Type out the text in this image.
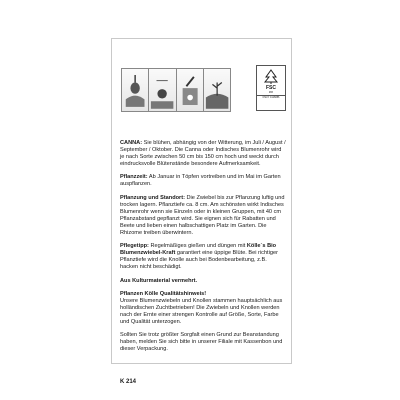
FSC
MIX
FSC® C116886

CANNA: Sie blühen, abhängig von der Witterung, im Juli / August / September / Oktober. Die Canna oder Indisches Blumenrohr wird je nach Sorte zwischen 50 cm bis 150 cm hoch und weckt durch eindrucksvolle Blütenstände besondere Aufmerksamkeit.

Pflanzzeit: Ab Januar in Töpfen vortreiben und im Mai im Garten auspflanzen.

Pflanzung und Standort: Die Zwiebel bis zur Pflanzung luftig und trocken lagern. Pflanztiefe ca. 8 cm. Am schönsten wirkt Indisches Blumenrohr wenn sie Einzeln oder in kleinen Gruppen, mit 40 cm Pflanzabstand gepflanzt wird. Sie eignen sich für Rabatten und Beete und lieben einen halbschattigen Platz im Garten. Die Rhizome treiben überwintern.

Pflegetipp: Regelmäßiges gießen und düngen mit Kölle´s Bio Blumenzwiebel-Kraft garantiert eine üppige Blüte. Bei richtiger Pflanztiefe wird die Knolle auch bei Bodenbearbeitung, z.B. hacken nicht beschädigt.

Aus Kulturmaterial vermehrt.

Pflanzen Kölle Qualitätshinweis!
Unsere Blumenzwiebeln und Knollen stammen hauptsächlich aus holländischen Zuchtbetrieben! Die Zwiebeln und Knollen werden nach der Ernte einer strengen Kontrolle auf Größe, Sorte, Farbe und Qualität unterzogen.

Sollten Sie trotz größter Sorgfalt einen Grund zur Beanstandung haben, melden Sie sich bitte in unserer Filiale mit Kassenbon und dieser Verpackung.

K 214
